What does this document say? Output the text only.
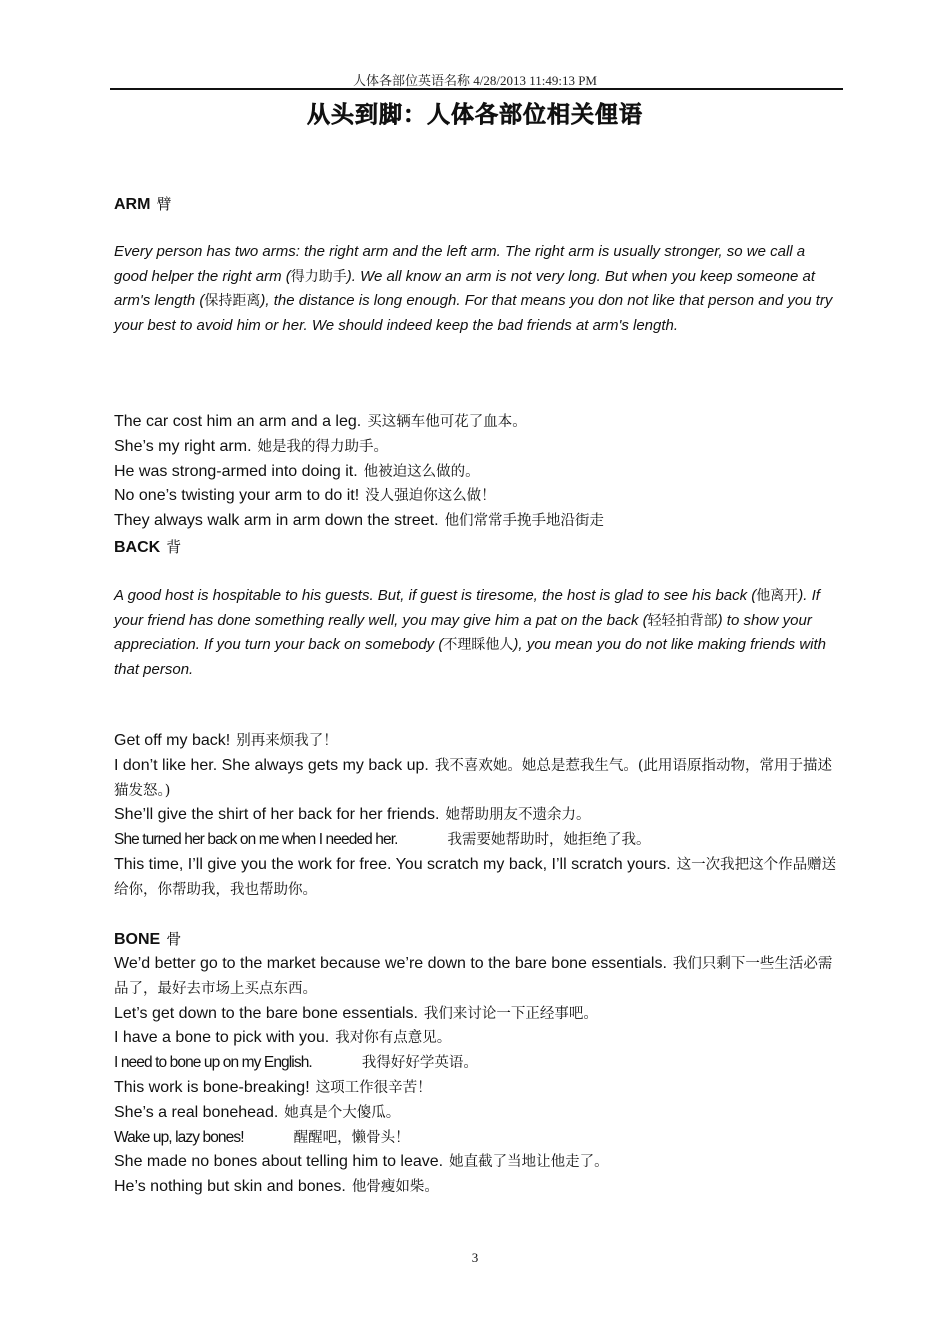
人体各部位英语名称 4/28/2013 11:49:13 PM
从头到脚：人体各部位相关俚语
ARM 臂
Every person has two arms: the right arm and the left arm. The right arm is usually stronger, so we call a good helper the right arm (得力助手). We all know an arm is not very long. But when you keep someone at arm's length (保持距离), the distance is long enough. For that means you don not like that person and you try your best to avoid him or her. We should indeed keep the bad friends at arm's length.
The car cost him an arm and a leg. 买这辆车他可花了血本。
She’s my right arm. 她是我的得力助手。
He was strong-armed into doing it. 他被迫这么做的。
No one’s twisting your arm to do it! 没人强迫你这么做！
They always walk arm in arm down the street. 他们常常手挽手地沿街走
BACK 背
A good host is hospitable to his guests. But, if guest is tiresome, the host is glad to see his back (他离开). If your friend has done something really well, you may give him a pat on the back (轻轻拍背部) to show your appreciation. If you turn your back on somebody (不理睬他人), you mean you do not like making friends with that person.
Get off my back! 别再来烦我了！
I don’t like her. She always gets my back up. 我不喜欢她。她总是惹我生气。(此用语原指动物，常用于描述猫发怒。)
She’ll give the shirt of her back for her friends. 她帮助朋友不遗余力。
She turned her back on me when I needed her.	我需要她帮助时，她拒绝了我。
This time, I’ll give you the work for free. You scratch my back, I’ll scratch yours. 这一次我把这个作品赠送给你，你帮助我，我也帮助你。
BONE 骨
We’d better go to the market because we’re down to the bare bone essentials. 我们只剩下一些生活必需品了，最好去市场上买点东西。
Let’s get down to the bare bone essentials. 我们来讨论一下正经事吧。
I have a bone to pick with you. 我对你有点意见。
I need to bone up on my English.	我得好好学英语。
This work is bone-breaking! 这项工作很辛苦！
She’s a real bonehead. 她真是个大傻瓜。
Wake up, lazy bones!	醒醒吧，懒骨头！
She made no bones about telling him to leave. 她直截了当地让他走了。
He’s nothing but skin and bones. 他骨瘦如柴。
3
